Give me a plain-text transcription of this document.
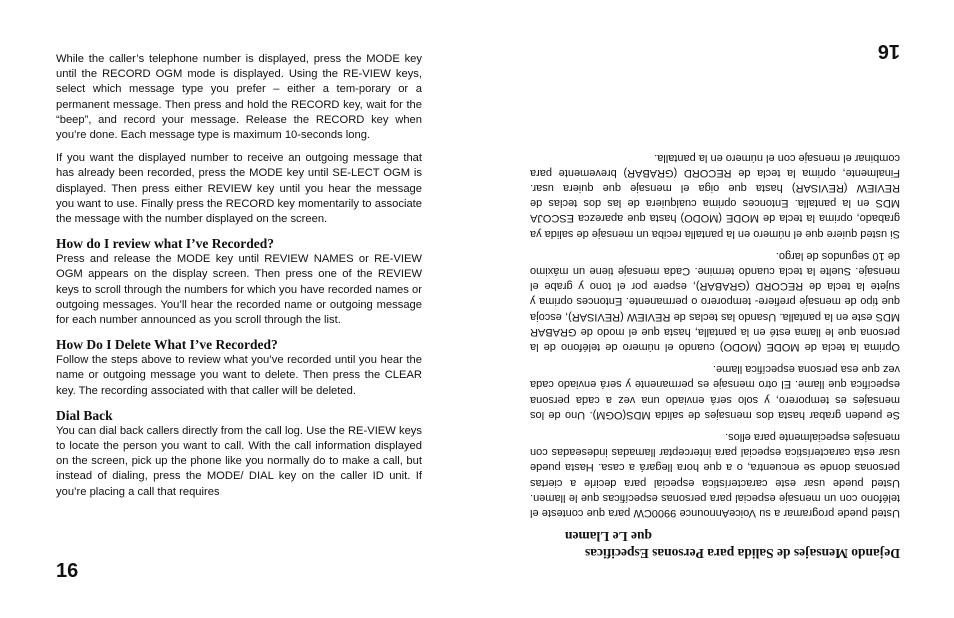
While the caller’s telephone number is displayed, press the MODE key until the RECORD OGM mode is displayed. Using the RE-VIEW keys, select which message type you prefer – either a tem-porary or a permanent message. Then press and hold the RECORD key, wait for the “beep”, and record your message. Release the RECORD key when you’re done. Each message type is maximum 10-seconds long.

If you want the displayed number to receive an outgoing message that has already been recorded, press the MODE key until SE-LECT OGM is displayed. Then press either REVIEW key until you hear the message you want to use. Finally press the RECORD key momentarily to associate the message with the number displayed on the screen.

How do I review what I’ve Recorded?

Press and release the MODE key until REVIEW NAMES or RE-VIEW OGM appears on the display screen. Then press one of the REVIEW keys to scroll through the numbers for which you have recorded names or outgoing messages. You’ll hear the recorded name or outgoing message for each number announced as you scroll through the list.

How Do I Delete What I’ve Recorded?

Follow the steps above to review what you’ve recorded until you hear the name or outgoing message you want to delete. Then press the CLEAR key. The recording associated with that caller will be deleted.

Dial Back

You can dial back callers directly from the call log. Use the RE-VIEW keys to locate the person you want to call. With the call information displayed on the screen, pick up the phone like you normally do to make a call, but instead of dialing, press the MODE/ DIAL key on the caller ID unit. If you’re placing a call that requires

16
Dejando Mensajes de Salida para Personas Especificas
que Le Llamen

Usted puede programar a su VoiceAnnounce 9900CW para que conteste el teléfono con un mensaje especial para personas específicas que le llamen. Usted puede usar este característica especial para decirle a ciertas personas donde se encuentra, o a que hora llegará a casa. Hasta puede usar esta característica especial para interceptar llamadas indeseadas con mensajes especialmente para ellos.

Se pueden grabar hasta dos mensajes de salida MDS(OGM). Uno de los mensajes es temporero, y solo será enviado una vez a cada persona específica que llame. El otro mensaje es permanente y será enviado cada vez que esa persona específica llame.

Oprima la tecla de MODE (MODO) cuando el número de teléfono de la persona que le llama esté en la pantalla, hasta que el modo de GRABAR MDS este en la pantalla. Usando las teclas de REVIEW (REVISAR), escoja que tipo de mensaje prefiere- temporero o permanente. Entonces oprima y sujete la tecla de RECORD (GRABAR), espere por el tono y grabe el mensaje. Suelte la tecla cuando termine. Cada mensaje tiene un máximo de 10 segundos de largo.

Si usted quiere que el número en la pantalla reciba un mensaje de salida ya grabado, oprima la tecla de MODE (MODO) hasta que aparezca ESCOJA MDS en la pantalla. Entonces oprima cualquiera de las dos teclas de REVIEW (REVISAR) hasta que oiga el mensaje que quiera usar. Finalmente, oprima la tecla de RECORD (GRABAR) brevemente para combinar el mensaje con el número en la pantalla.

16
